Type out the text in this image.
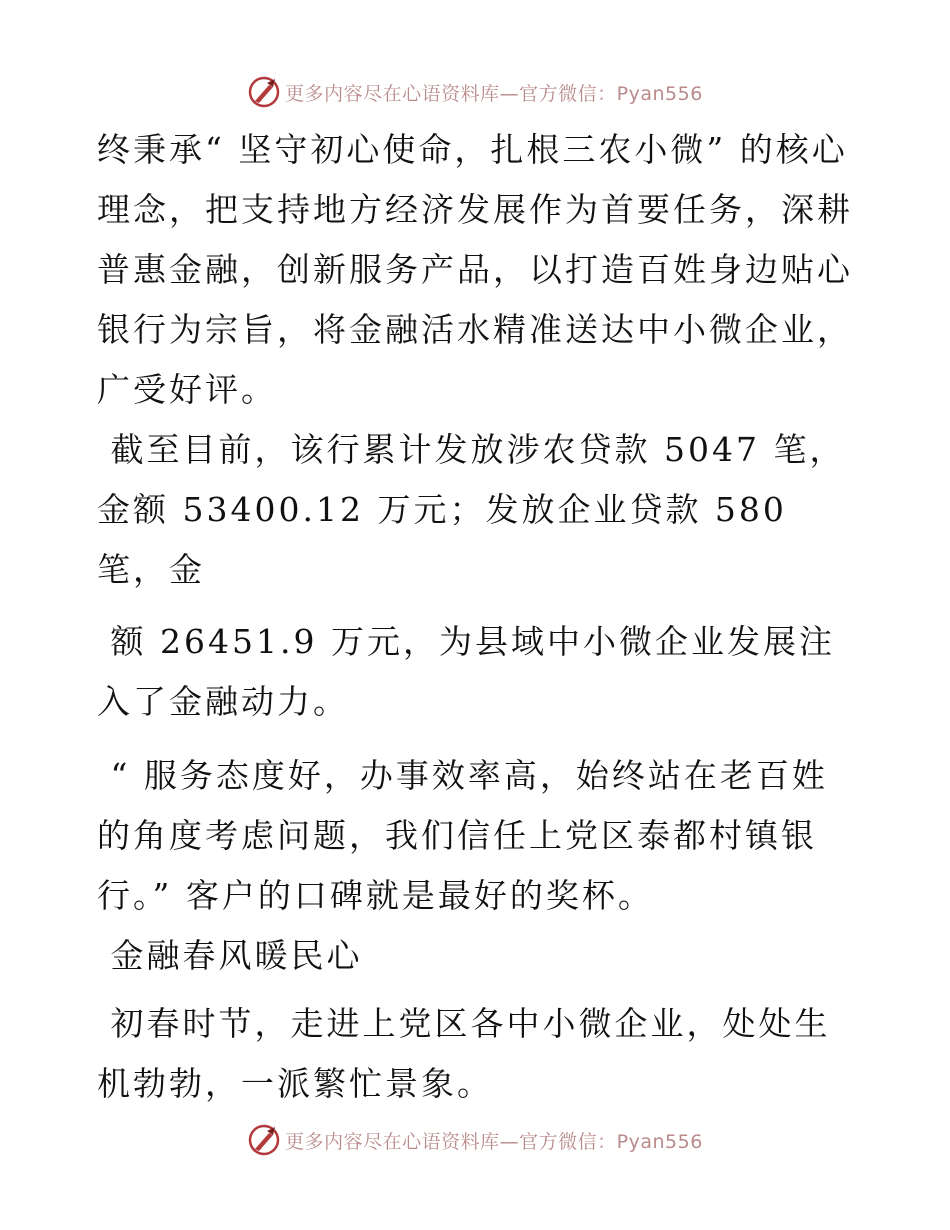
更多内容尽在心语资料库—官方微信：Pyan556

终秉承“ 坚守初心使命，扎根三农小微” 的核心理念，把支持地方经济发展作为首要任务，深耕普惠金融，创新服务产品，以打造百姓身边贴心银行为宗旨，将金融活水精准送达中小微企业，广受好评。

截至目前，该行累计发放涉农贷款 5047 笔，金额 53400.12 万元；发放企业贷款 580 笔，金

额 26451.9 万元，为县域中小微企业发展注入了金融动力。

“ 服务态度好，办事效率高，始终站在老百姓的角度考虑问题，我们信任上党区泰都村镇银行。” 客户的口碑就是最好的奖杯。

金融春风暖民心

初春时节，走进上党区各中小微企业，处处生机勃勃，一派繁忙景象。

更多内容尽在心语资料库—官方微信：Pyan556
